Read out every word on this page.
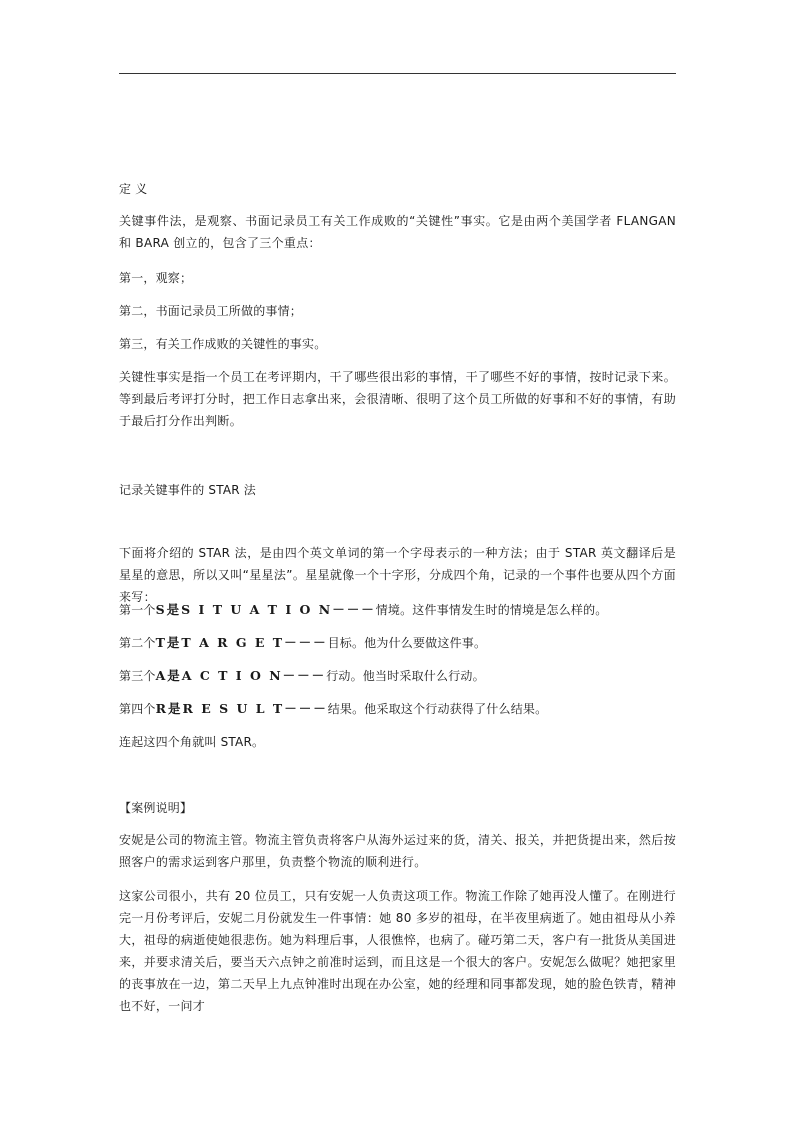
定 义
关键事件法，是观察、书面记录员工有关工作成败的“关键性”事实。它是由两个美国学者 FLANGAN 和 BARA 创立的，包含了三个重点：
第一，观察；
第二，书面记录员工所做的事情；
第三，有关工作成败的关键性的事实。
关键性事实是指一个员工在考评期内，干了哪些很出彩的事情，干了哪些不好的事情，按时记录下来。等到最后考评打分时，把工作日志拿出来，会很清晰、很明了这个员工所做的好事和不好的事情，有助于最后打分作出判断。
记录关键事件的 STAR 法
下面将介绍的 STAR 法，是由四个英文单词的第一个字母表示的一种方法；由于 STAR 英文翻译后是星星的意思，所以又叫“星星法”。星星就像一个十字形，分成四个角，记录的一个事件也要从四个方面来写：
第一个S是S I T U A T I O N－－－情境。这件事情发生时的情境是怎么样的。
第二个T是T A R G E T－－－目标。他为什么要做这件事。
第三个A是A C T I O N－－－行动。他当时采取什么行动。
第四个R是R E S U L T－－－结果。他采取这个行动获得了什么结果。
连起这四个角就叫 STAR。
【案例说明】
安妮是公司的物流主管。物流主管负责将客户从海外运过来的货，清关、报关，并把货提出来，然后按照客户的需求运到客户那里，负责整个物流的顺利进行。
这家公司很小，共有 20 位员工，只有安妮一人负责这项工作。物流工作除了她再没人懂了。在刚进行完一月份考评后，安妮二月份就发生一件事情：她 80 多岁的祖母，在半夜里病逝了。她由祖母从小养大，祖母的病逝使她很悲伤。她为料理后事，人很憔悴，也病了。碰巧第二天，客户有一批货从美国进来，并要求清关后，要当天六点钟之前准时运到，而且这是一个很大的客户。安妮怎么做呢？她把家里的丧事放在一边，第二天早上九点钟准时出现在办公室，她的经理和同事都发现，她的脸色铁青，精神也不好，一问才
